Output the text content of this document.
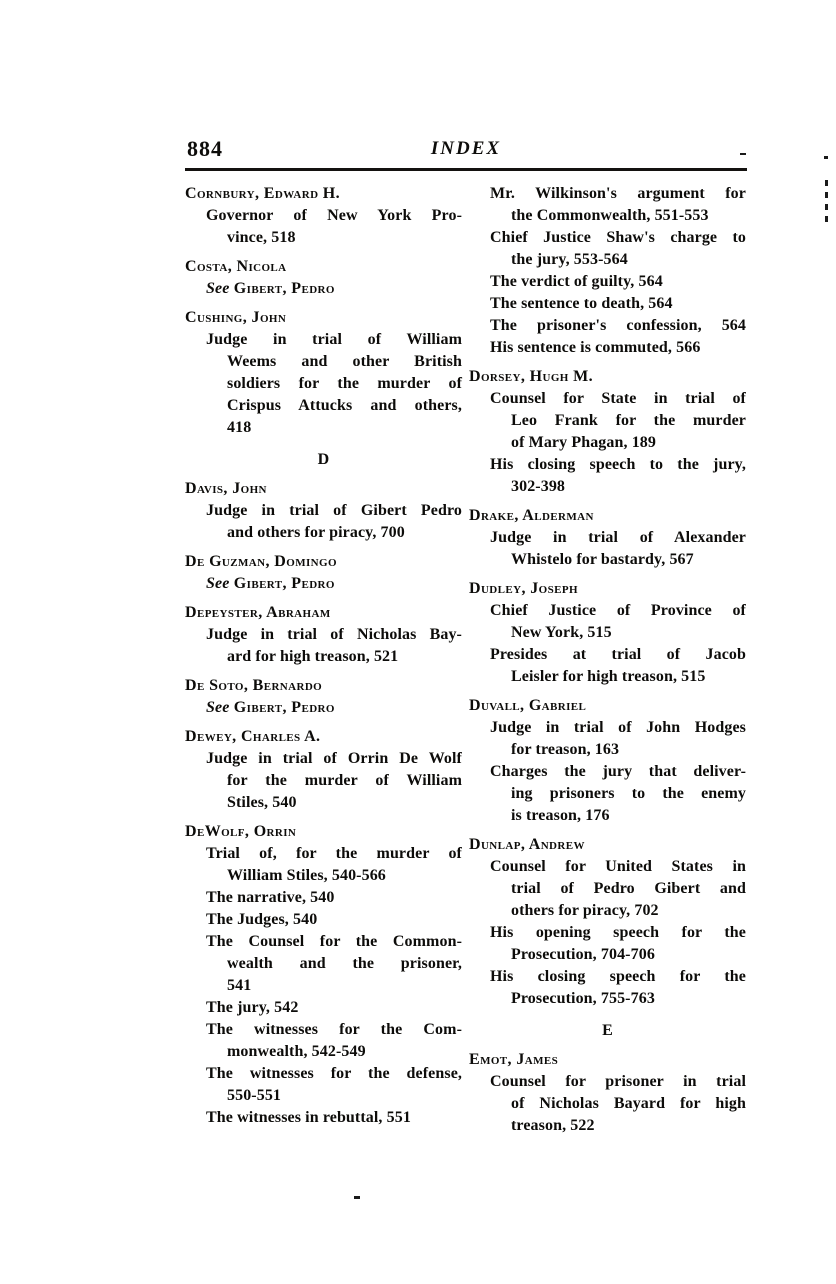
884	INDEX
Cornbury, Edward H.
Governor of New York Pro-
vince, 518
Costa, Nicola
See Gibert, Pedro
Cushing, John
Judge in trial of William
Weems and other British
soldiers for the murder of
Crispus Attucks and others,
418
D
Davis, John
Judge in trial of Gibert Pedro
and others for piracy, 700
De Guzman, Domingo
See Gibert, Pedro
Depeyster, Abraham
Judge in trial of Nicholas Bay-
ard for high treason, 521
De Soto, Bernardo
See Gibert, Pedro
Dewey, Charles A.
Judge in trial of Orrin De Wolf
for the murder of William
Stiles, 540
DeWolf, Orrin
Trial of, for the murder of
William Stiles, 540-566
The narrative, 540
The Judges, 540
The Counsel for the Common-
wealth and the prisoner,
541
The jury, 542
The witnesses for the Com-
monwealth, 542-549
The witnesses for the defense,
550-551
The witnesses in rebuttal, 551
Mr. Wilkinson's argument for
the Commonwealth, 551-553
Chief Justice Shaw's charge to
the jury, 553-564
The verdict of guilty, 564
The sentence to death, 564
The prisoner's confession, 564
His sentence is commuted, 566
Dorsey, Hugh M.
Counsel for State in trial of
Leo Frank for the murder
of Mary Phagan, 189
His closing speech to the jury,
302-398
Drake, Alderman
Judge in trial of Alexander
Whistelo for bastardy, 567
Dudley, Joseph
Chief Justice of Province of
New York, 515
Presides at trial of Jacob
Leisler for high treason, 515
Duvall, Gabriel
Judge in trial of John Hodges
for treason, 163
Charges the jury that deliver-
ing prisoners to the enemy
is treason, 176
Dunlap, Andrew
Counsel for United States in
trial of Pedro Gibert and
others for piracy, 702
His opening speech for the
Prosecution, 704-706
His closing speech for the
Prosecution, 755-763
E
Emot, James
Counsel for prisoner in trial
of Nicholas Bayard for high
treason, 522
